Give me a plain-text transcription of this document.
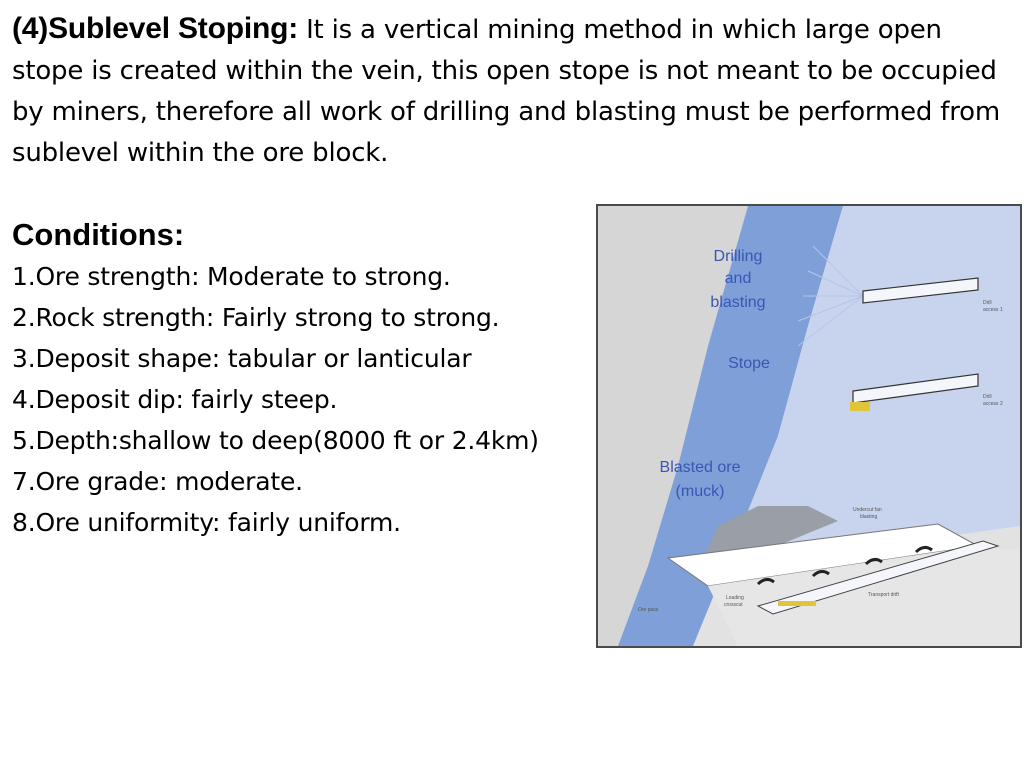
(4)Sublevel Stoping: It is a vertical mining method in which large open stope is created within the vein, this open stope is not meant to be occupied by miners, therefore all work of drilling and blasting must be performed from sublevel within the ore block.
Conditions:
1.Ore strength: Moderate to strong.
2.Rock strength: Fairly strong to strong.
3.Deposit shape: tabular or lanticular
4.Deposit dip: fairly steep.
5.Depth:shallow to deep(8000 ft or 2.4km)
7.Ore grade: moderate.
8.Ore uniformity: fairly uniform.
Drilling
and
blasting
Stope
Blasted ore
(muck)
Drill
access 1
Drill
access 2
Undercut fan
blasting
Transport drift
Loading
crosscut
Ore pass
